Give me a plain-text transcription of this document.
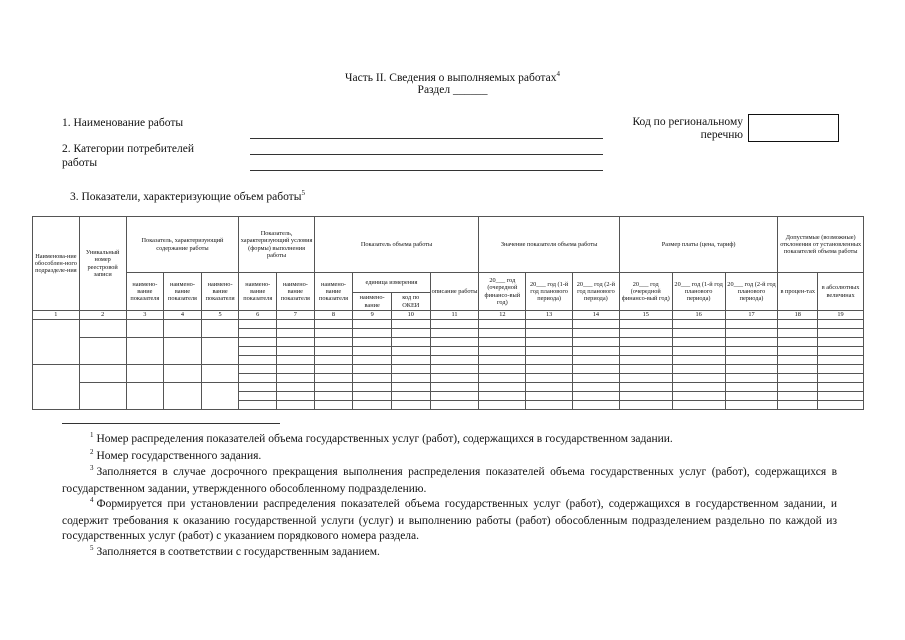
Часть II. Сведения о выполняемых работах$^4$
Раздел ______
1. Наименование работы
2. Категории потребителей
работы
Код по региональному
перечню
3. Показатели, характеризующие объем работы$^5$
Наименова-ние обособлен-ного подразделе-ния	Уникальный номер реестровой записи	Показатель, характеризующий содержание работы			Показатель, характеризующий условия (формы) выполнения работы		Показатель объема работы				Значение показателя объема работы			Размер платы (цена, тариф)			Допустимые (возможные) отклонения от установленных показателей объема работы	
		наимено-вание показателя	наимено-вание показателя	наимено-вание показателя	наимено-вание показателя	наимено-вание показателя	наимено-вание показателя	единица измерения		описание работы	20___ год (очередной финансо-вый год)	20___ год (1-й год планового периода)	20___ год (2-й год планового периода)	20___ год (очередной финансо-вый год)	20___ год (1-й год планового периода)	20___ год (2-й год планового периода)	в процен-тах	в абсолютных величинах
								наимено-вание	код по ОКЕИ									
1	2	3	4	5	6	7	8	9	10	11	12	13	14	15	16	17	18	19

$^1$ Номер распределения показателей объема государственных услуг (работ), содержащихся в государственном задании.
$^2$ Номер государственного задания.
$^3$ Заполняется в случае досрочного прекращения выполнения распределения показателей объема государственных услуг (работ), содержащихся в государственном задании, утвержденного обособленному подразделению.
$^4$ Формируется при установлении распределения показателей объема государственных услуг (работ), содержащихся в государственном задании, и содержит требования к оказанию государственной услуги (услуг) и выполнению работы (работ) обособленным подразделением раздельно по каждой из государственных услуг (работ) с указанием порядкового номера раздела.
$^5$ Заполняется в соответствии с государственным заданием.
